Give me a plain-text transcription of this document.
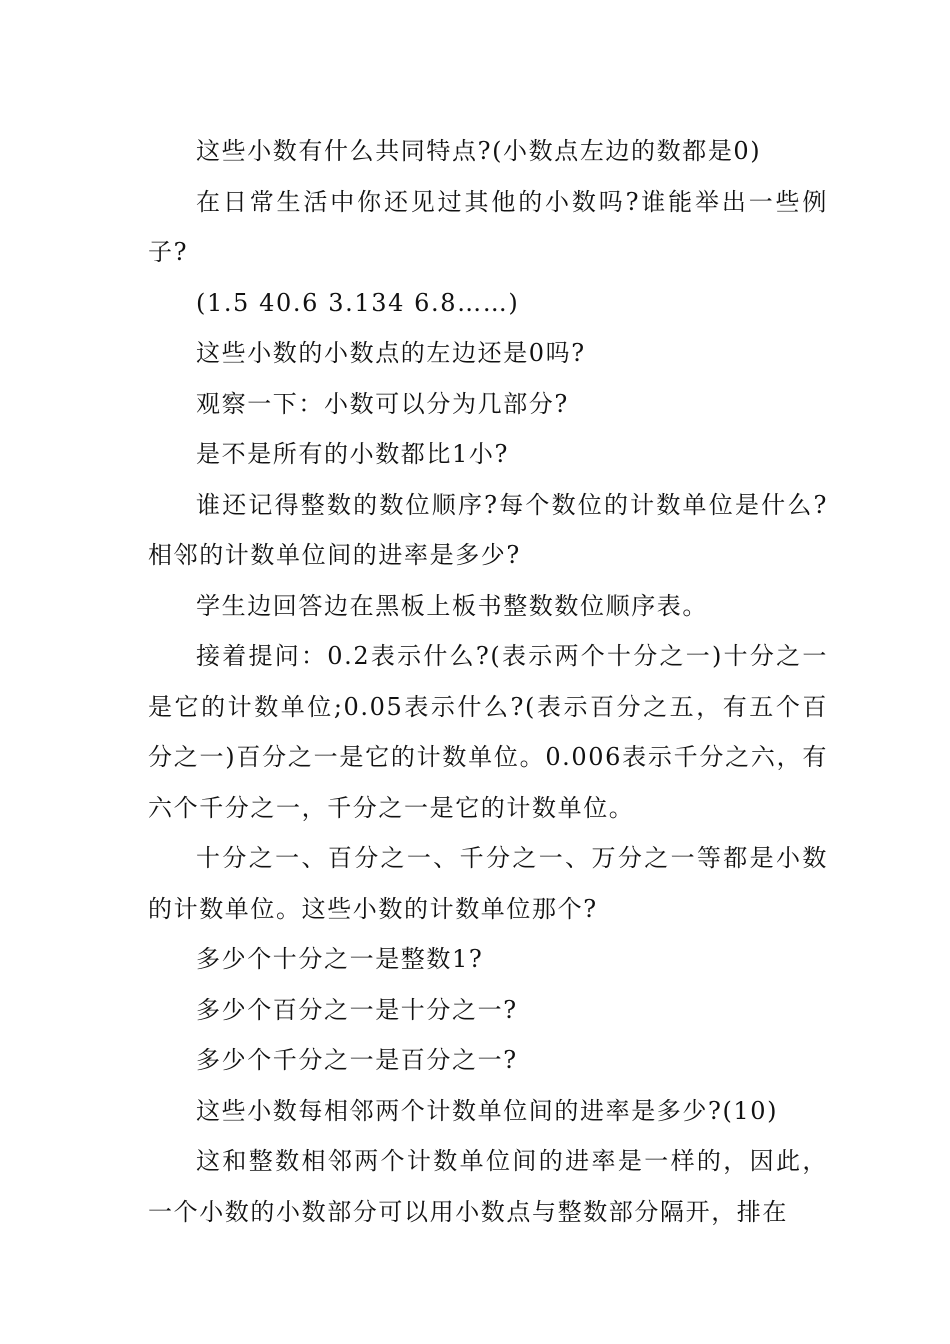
这些小数有什么共同特点?(小数点左边的数都是0)

在日常生活中你还见过其他的小数吗?谁能举出一些例子?

(1.5 40.6 3.134 6.8……)

这些小数的小数点的左边还是0吗?

观察一下：小数可以分为几部分?

是不是所有的小数都比1小?

谁还记得整数的数位顺序?每个数位的计数单位是什么?相邻的计数单位间的进率是多少?

学生边回答边在黑板上板书整数数位顺序表。

接着提问：0.2表示什么?(表示两个十分之一)十分之一是它的计数单位;0.05表示什么?(表示百分之五，有五个百分之一)百分之一是它的计数单位。0.006表示千分之六，有六个千分之一，千分之一是它的计数单位。

十分之一、百分之一、千分之一、万分之一等都是小数的计数单位。这些小数的计数单位那个?

多少个十分之一是整数1?

多少个百分之一是十分之一?

多少个千分之一是百分之一?

这些小数每相邻两个计数单位间的进率是多少?(10)

这和整数相邻两个计数单位间的进率是一样的，因此，一个小数的小数部分可以用小数点与整数部分隔开，排在
